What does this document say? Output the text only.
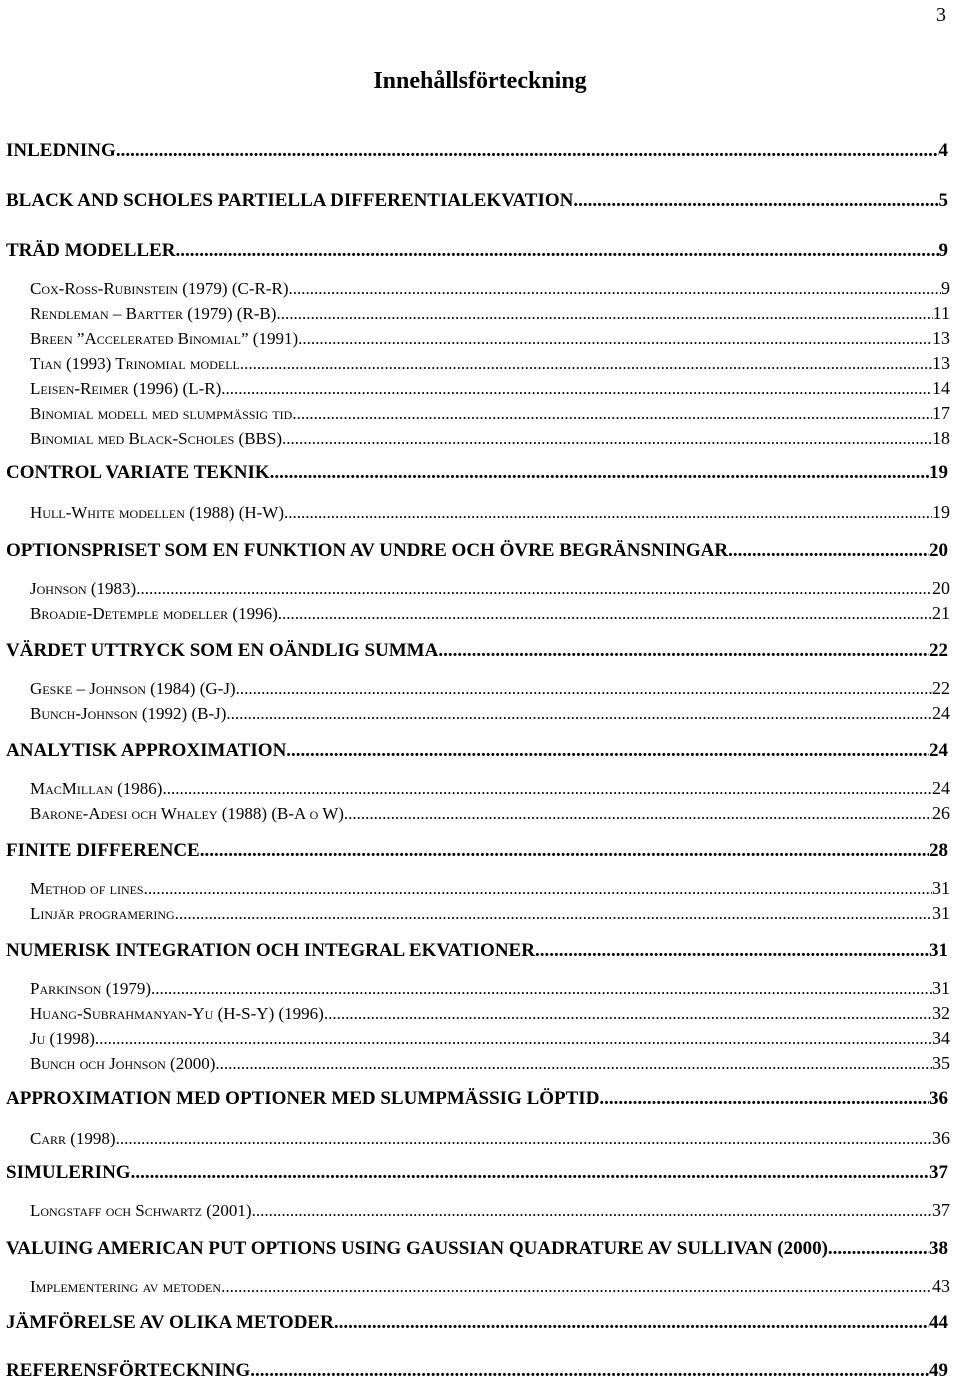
3
Innehållsförteckning
INLEDNING .....	4
BLACK AND SCHOLES PARTIELLA DIFFERENTIALEKVATION .....	5
TRÄD MODELLER .....	9
Cox-Ross-Rubinstein (1979) (C-R-R) .....	9
Rendleman – Bartter (1979) (R-B) .....	11
Breen ”Accelerated Binomial” (1991) .....	13
Tian (1993) Trinomial modell .....	13
Leisen-Reimer (1996) (L-R) .....	14
Binomial modell med slumpmässig tid .....	17
Binomial med Black-Scholes (BBS) .....	18
CONTROL VARIATE TEKNIK .....	19
Hull-White modellen (1988) (H-W) .....	19
OPTIONSPRISET SOM EN FUNKTION AV UNDRE OCH ÖVRE BEGRÄNSNINGAR .....	20
Johnson (1983) .....	20
Broadie-Detemple modeller (1996) .....	21
VÄRDET UTTRYCK SOM EN OÄNDLIG SUMMA .....	22
Geske – Johnson (1984) (G-J) .....	22
Bunch-Johnson (1992) (B-J) .....	24
ANALYTISK APPROXIMATION .....	24
MacMillan (1986) .....	24
Barone-Adesi och Whaley (1988) (B-A o W) .....	26
FINITE DIFFERENCE .....	28
Method of lines .....	31
Linjär programering .....	31
NUMERISK INTEGRATION OCH INTEGRAL EKVATIONER .....	31
Parkinson (1979) .....	31
Huang-Subrahmanyan-Yu (H-S-Y) (1996) .....	32
Ju (1998) .....	34
Bunch och Johnson (2000) .....	35
APPROXIMATION MED OPTIONER MED SLUMPMÄSSIG LÖPTID .....	36
Carr (1998) .....	36
SIMULERING .....	37
Longstaff och Schwartz (2001) .....	37
VALUING AMERICAN PUT OPTIONS USING GAUSSIAN QUADRATURE AV SULLIVAN (2000) .....	38
Implementering av metoden .....	43
JÄMFÖRELSE AV OLIKA METODER .....	44
REFERENSFÖRTECKNING .....	49
